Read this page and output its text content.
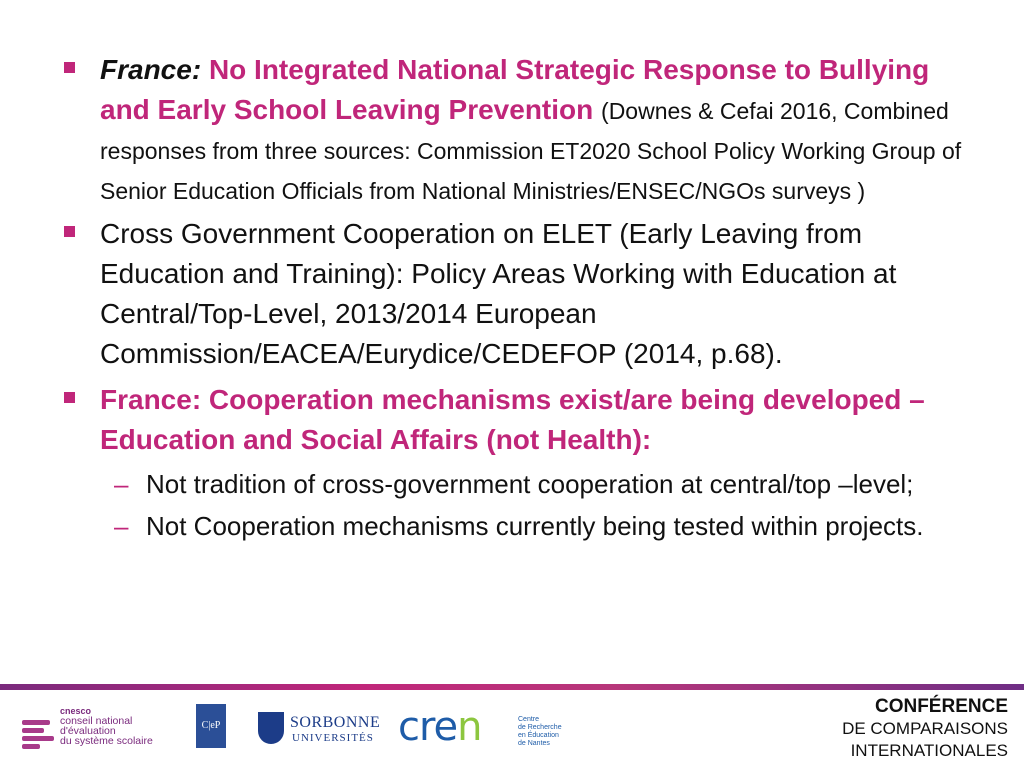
France: No Integrated National Strategic Response to Bullying and Early School Leaving Prevention (Downes & Cefai 2016, Combined responses from three sources: Commission ET2020 School Policy Working Group of Senior Education Officials from National Ministries/ENSEC/NGOs surveys )
Cross Government Cooperation on ELET (Early Leaving from Education and Training): Policy Areas Working with Education at Central/Top-Level, 2013/2014 European Commission/EACEA/Eurydice/CEDEFOP (2014, p.68).
France: Cooperation mechanisms exist/are being developed – Education and Social Affairs (not Health):
– Not tradition of cross-government cooperation at central/top –level;
– Not Cooperation mechanisms currently being tested within projects.
cnesco
conseil national
d'évaluation
du système scolaire
C|eP	SORBONNE
UNIVERSITÉS cren	Centre
de Recherche
en Éducation
de Nantes
CONFÉRENCE
DE COMPARAISONS
INTERNATIONALES
